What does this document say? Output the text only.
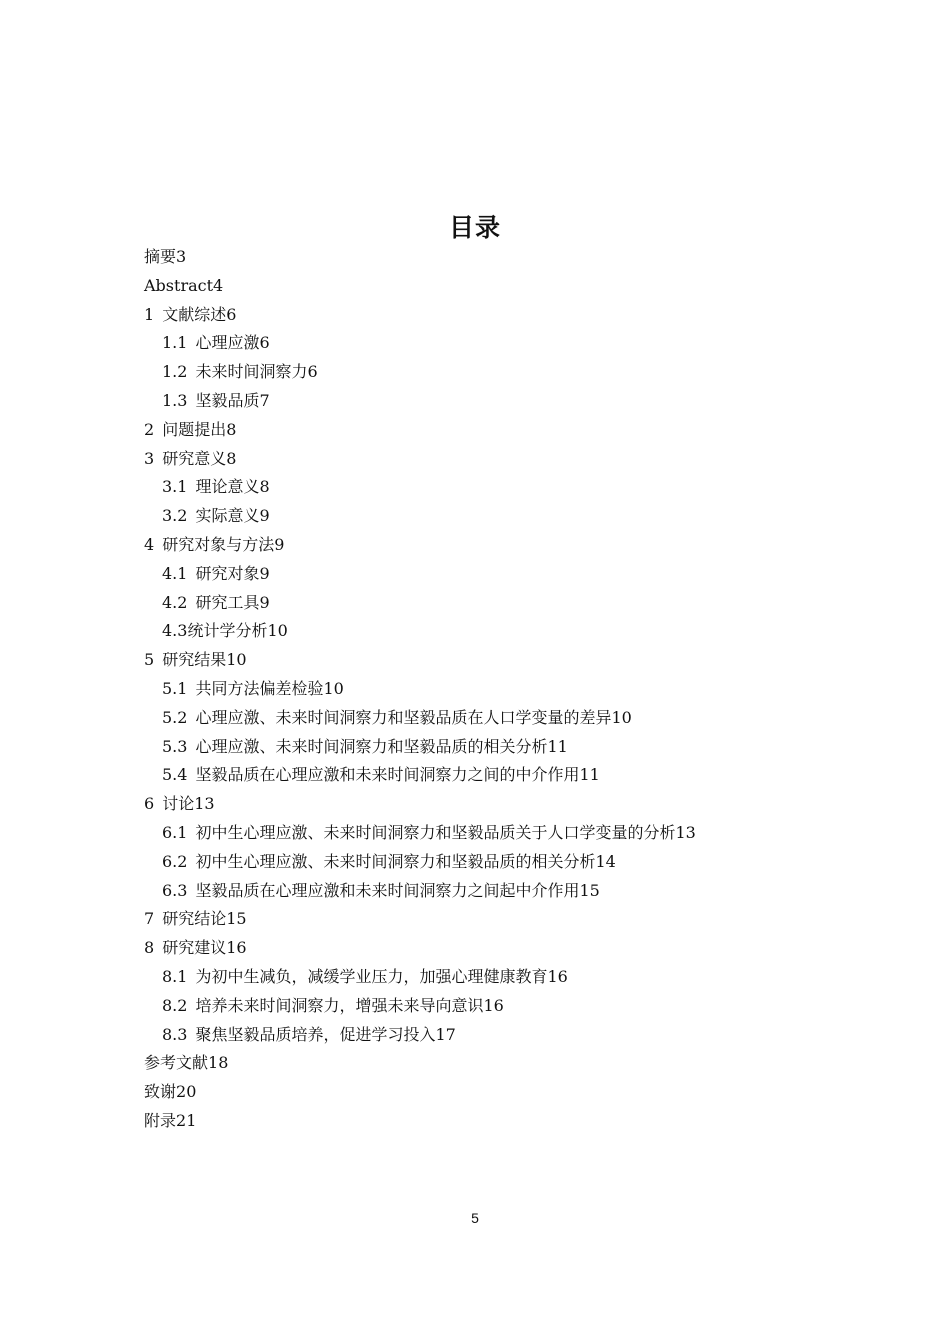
目录
摘要 3
Abstract 4
1 文献综述 6
1.1 心理应激 6
1.2 未来时间洞察力 6
1.3 坚毅品质 7
2 问题提出 8
3 研究意义 8
3.1 理论意义 8
3.2 实际意义 9
4 研究对象与方法 9
4.1 研究对象 9
4.2 研究工具 9
4.3 统计学分析 10
5 研究结果 10
5.1 共同方法偏差检验 10
5.2 心理应激、未来时间洞察力和坚毅品质在人口学变量的差异 10
5.3 心理应激、未来时间洞察力和坚毅品质的相关分析 11
5.4 坚毅品质在心理应激和未来时间洞察力之间的中介作用 11
6 讨论 13
6.1 初中生心理应激、未来时间洞察力和坚毅品质关于人口学变量的分析 13
6.2 初中生心理应激、未来时间洞察力和坚毅品质的相关分析 14
6.3 坚毅品质在心理应激和未来时间洞察力之间起中介作用 15
7 研究结论 15
8 研究建议 16
8.1 为初中生减负，减缓学业压力，加强心理健康教育 16
8.2 培养未来时间洞察力，增强未来导向意识 16
8.3 聚焦坚毅品质培养，促进学习投入 17
参考文献 18
致谢 20
附录 21
5
